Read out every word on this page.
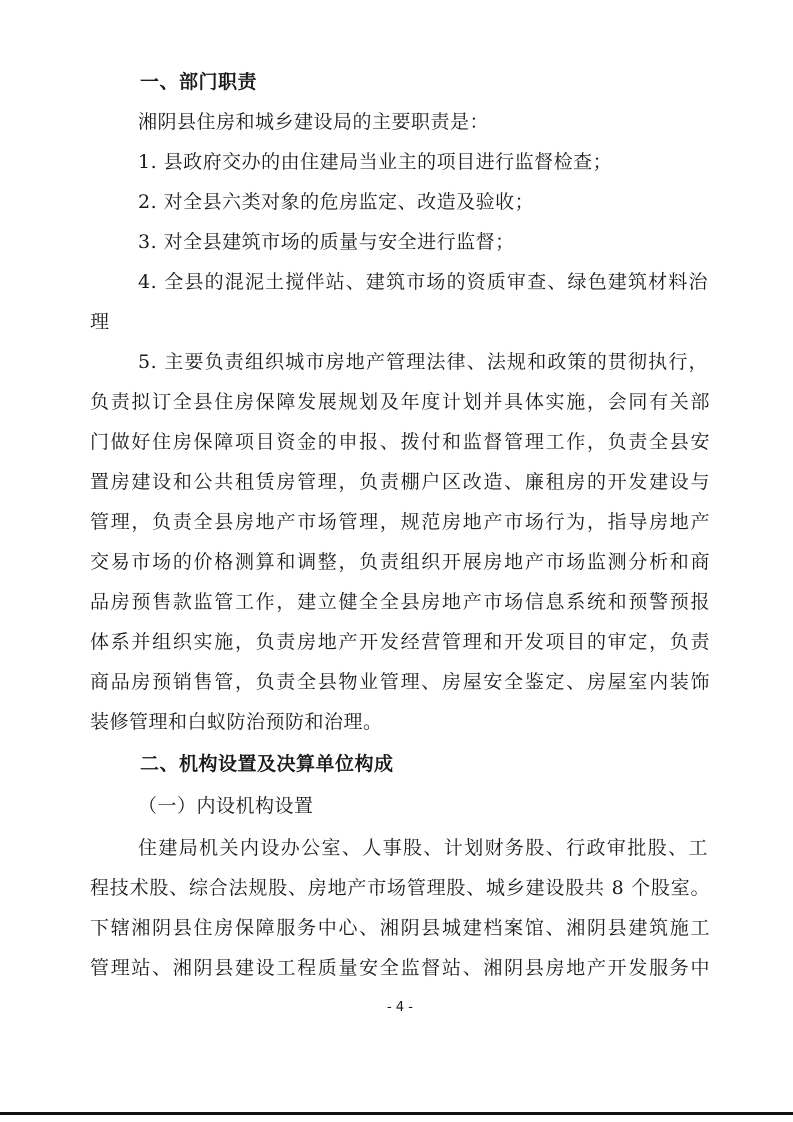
一、部门职责
湘阴县住房和城乡建设局的主要职责是：
1. 县政府交办的由住建局当业主的项目进行监督检查；
2. 对全县六类对象的危房监定、改造及验收；
3. 对全县建筑市场的质量与安全进行监督；
4. 全县的混泥土搅伴站、建筑市场的资质审查、绿色建筑材料治
理
5. 主要负责组织城市房地产管理法律、法规和政策的贯彻执行，
负责拟订全县住房保障发展规划及年度计划并具体实施，会同有关部
门做好住房保障项目资金的申报、拨付和监督管理工作，负责全县安
置房建设和公共租赁房管理，负责棚户区改造、廉租房的开发建设与
管理，负责全县房地产市场管理，规范房地产市场行为，指导房地产
交易市场的价格测算和调整，负责组织开展房地产市场监测分析和商
品房预售款监管工作，建立健全全县房地产市场信息系统和预警预报
体系并组织实施，负责房地产开发经营管理和开发项目的审定，负责
商品房预销售管，负责全县物业管理、房屋安全鉴定、房屋室内装饰
装修管理和白蚁防治预防和治理。
二、机构设置及决算单位构成
（一）内设机构设置
住建局机关内设办公室、人事股、计划财务股、行政审批股、工
程技术股、综合法规股、房地产市场管理股、城乡建设股共 8 个股室。
下辖湘阴县住房保障服务中心、湘阴县城建档案馆、湘阴县建筑施工
管理站、湘阴县建设工程质量安全监督站、湘阴县房地产开发服务中
- 4 -
